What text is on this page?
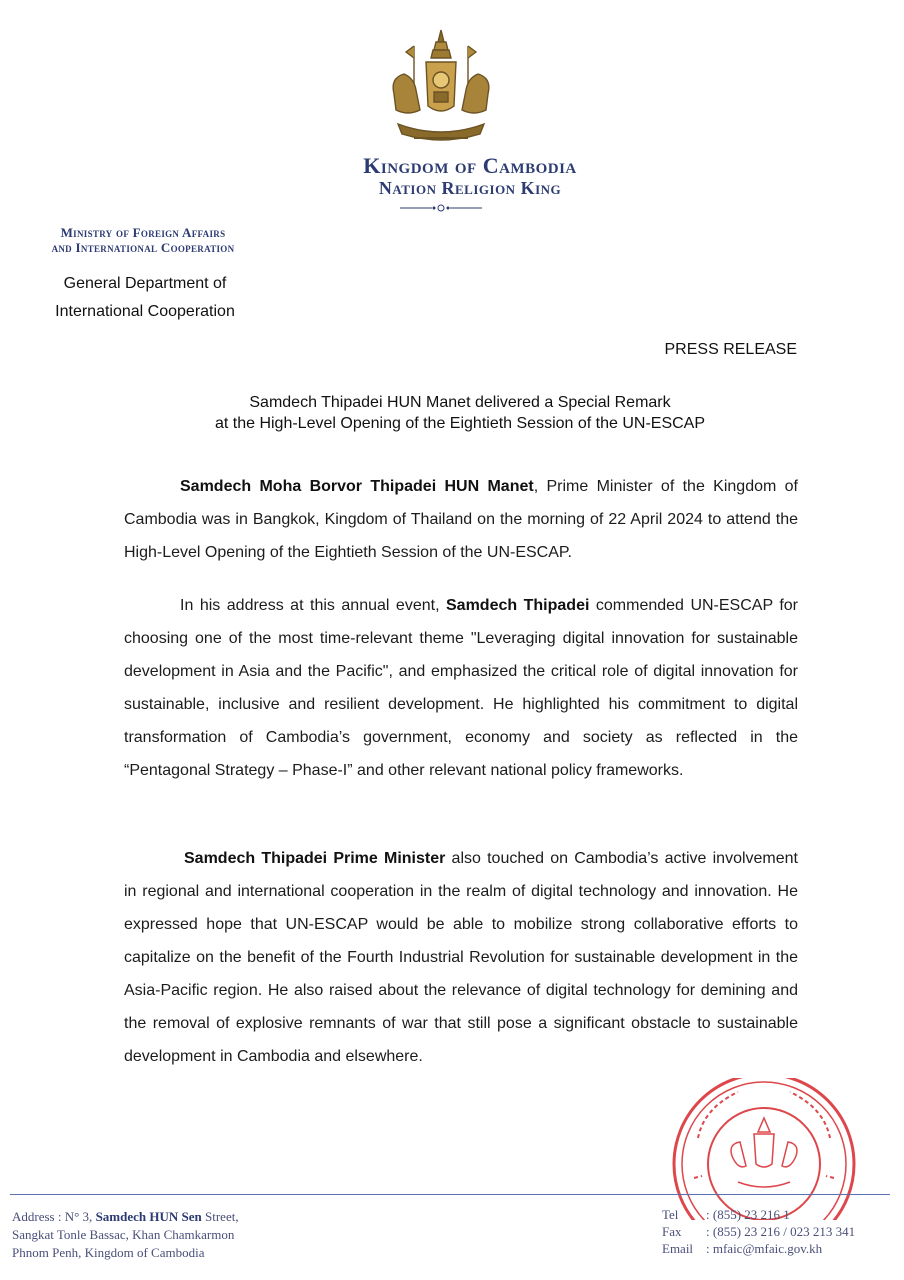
Kingdom of Cambodia
Nation Religion King
Ministry of Foreign Affairs
and International Cooperation
General Department of
International Cooperation
PRESS RELEASE
Samdech Thipadei HUN Manet delivered a Special Remark
at the High-Level Opening of the Eightieth Session of the UN-ESCAP

Samdech Moha Borvor Thipadei HUN Manet, Prime Minister of the Kingdom of Cambodia was in Bangkok, Kingdom of Thailand on the morning of 22 April 2024 to attend the High-Level Opening of the Eightieth Session of the UN-ESCAP.

In his address at this annual event, Samdech Thipadei commended UN-ESCAP for choosing one of the most time-relevant theme "Leveraging digital innovation for sustainable development in Asia and the Pacific", and emphasized the critical role of digital innovation for sustainable, inclusive and resilient development. He highlighted his commitment to digital transformation of Cambodia’s government, economy and society as reflected in the “Pentagonal Strategy – Phase-I” and other relevant national policy frameworks.

Samdech Thipadei Prime Minister also touched on Cambodia’s active involvement in regional and international cooperation in the realm of digital technology and innovation. He expressed hope that UN-ESCAP would be able to mobilize strong collaborative efforts to capitalize on the benefit of the Fourth Industrial Revolution for sustainable development in the Asia-Pacific region. He also raised about the relevance of digital technology for demining and the removal of explosive remnants of war that still pose a significant obstacle to sustainable development in Cambodia and elsewhere.

Address : N° 3, Samdech HUN Sen Street,
Sangkat Tonle Bassac, Khan Chamkarmon
Phnom Penh, Kingdom of Cambodia
Tel : (855) 23 216 1
Fax : (855) 23 216 / 023 213 341
Email : mfaic@mfaic.gov.kh
